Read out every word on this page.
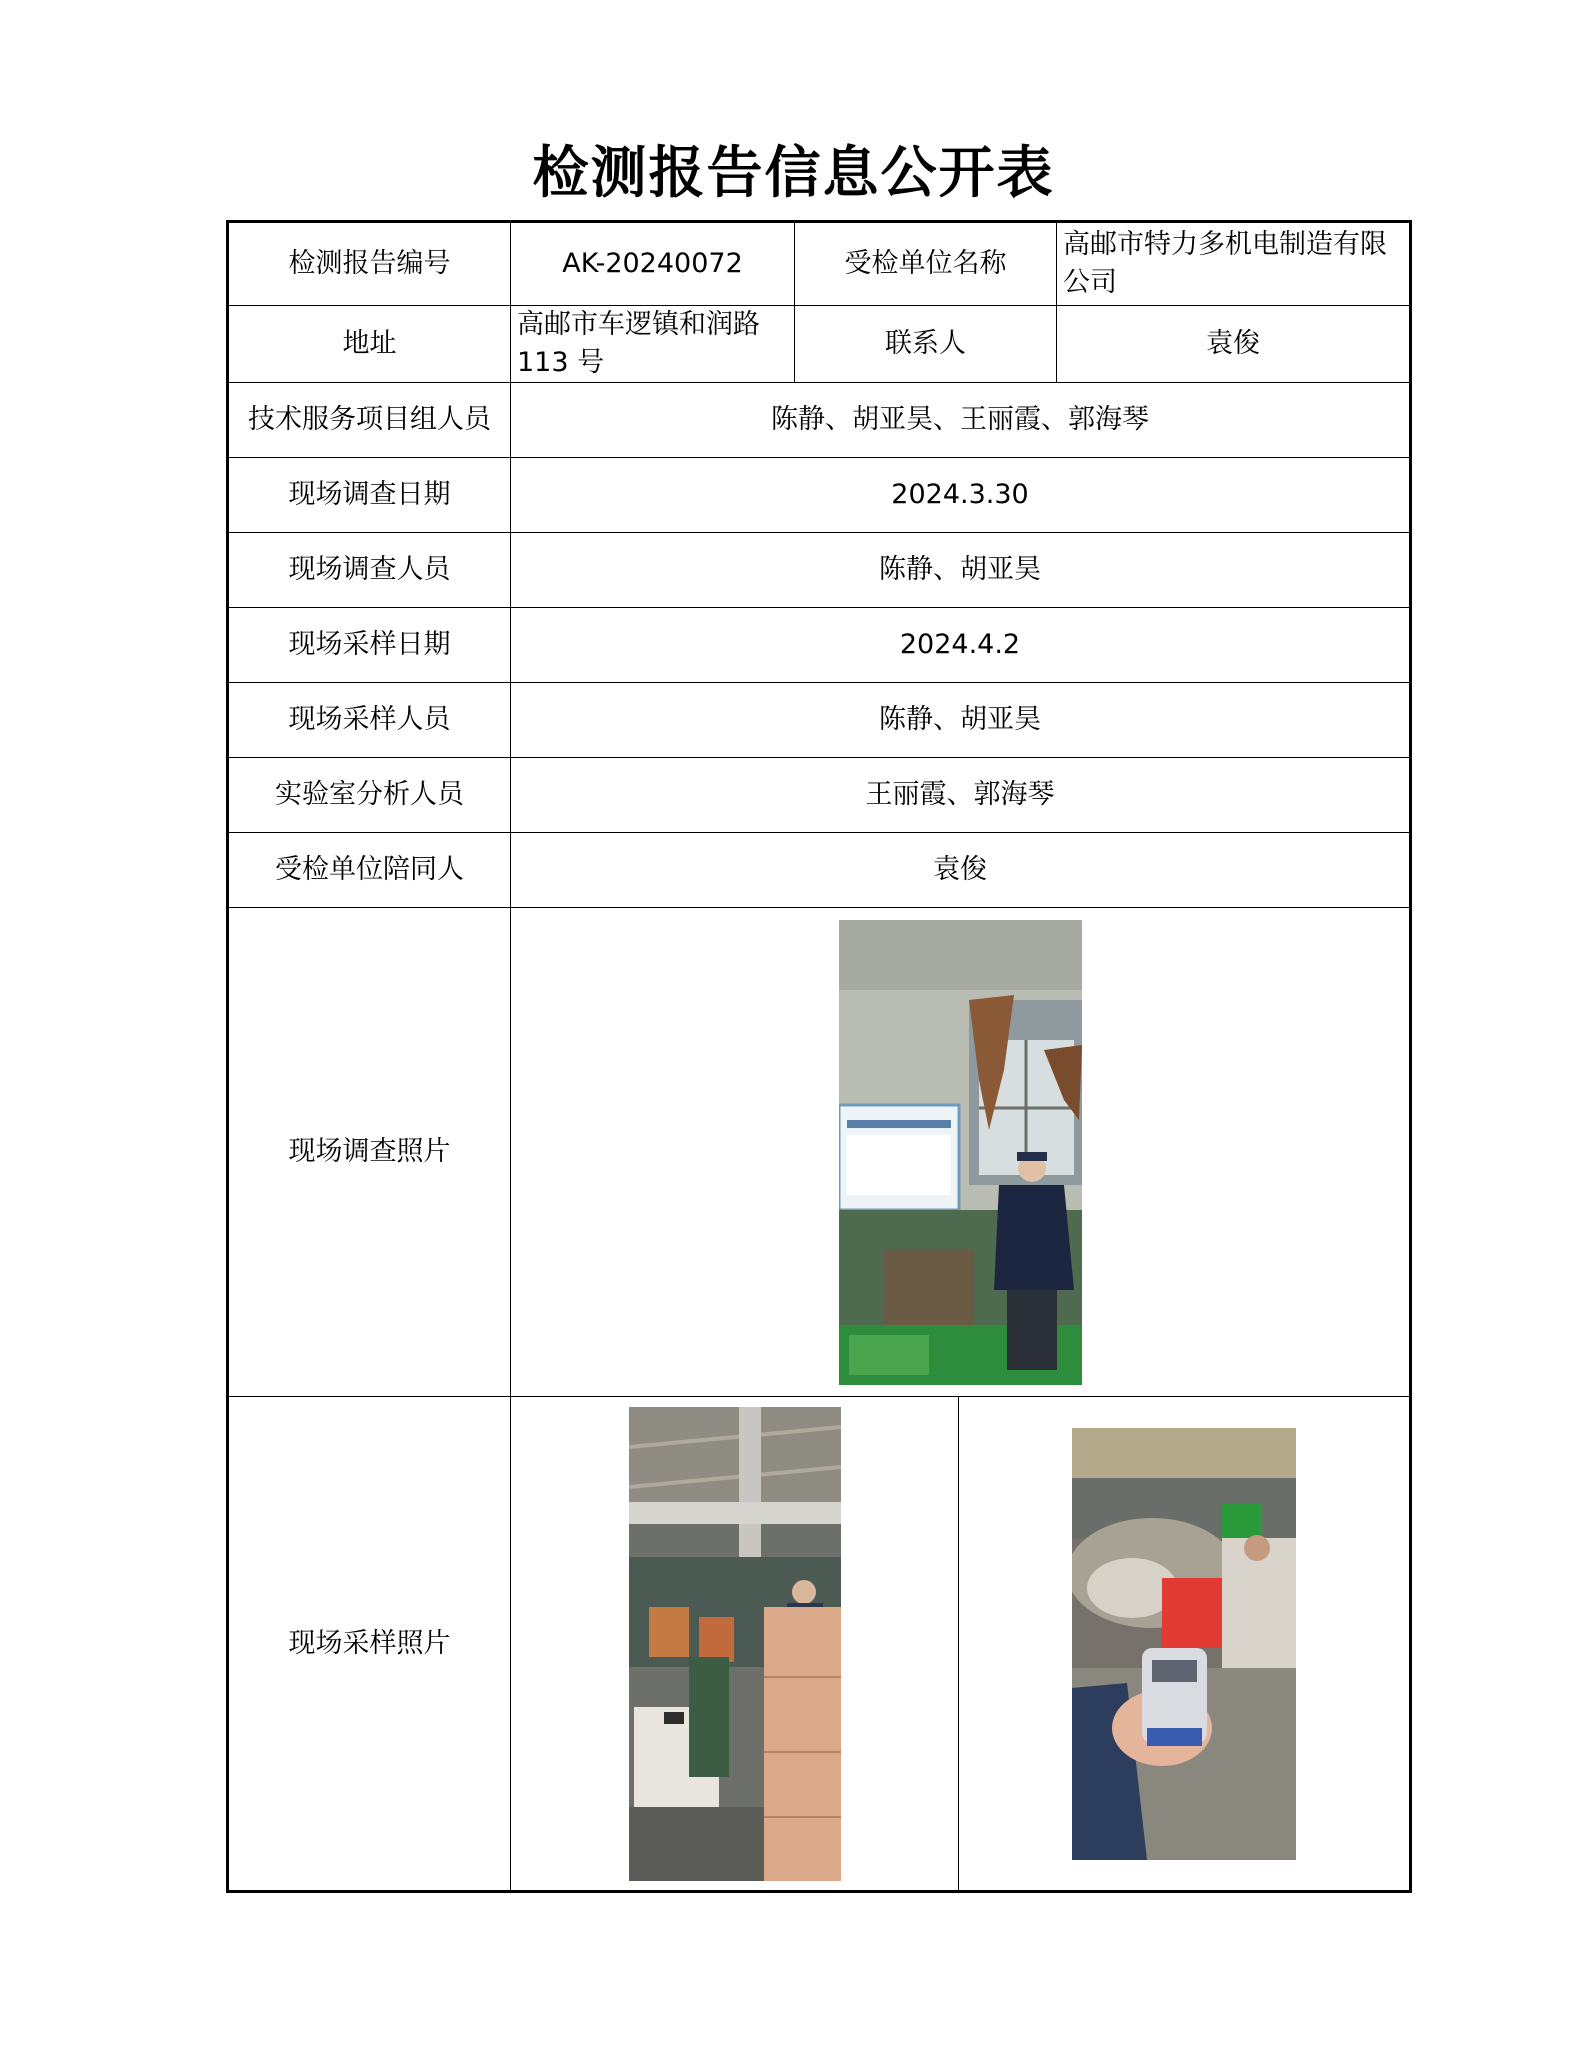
检测报告信息公开表
检测报告编号	AK-20240072	受检单位名称		高邮市特力多机电制造有限公司
地址	高邮市车逻镇和润路113 号	联系人		袁俊
技术服务项目组人员	陈静、胡亚昊、王丽霞、郭海琴			
现场调查日期	2024.3.30			
现场调查人员	陈静、胡亚昊			
现场采样日期	2024.4.2			
现场采样人员	陈静、胡亚昊			
实验室分析人员	王丽霞、郭海琴			
受检单位陪同人	袁俊			
现场调查照片	

现场采样照片	
